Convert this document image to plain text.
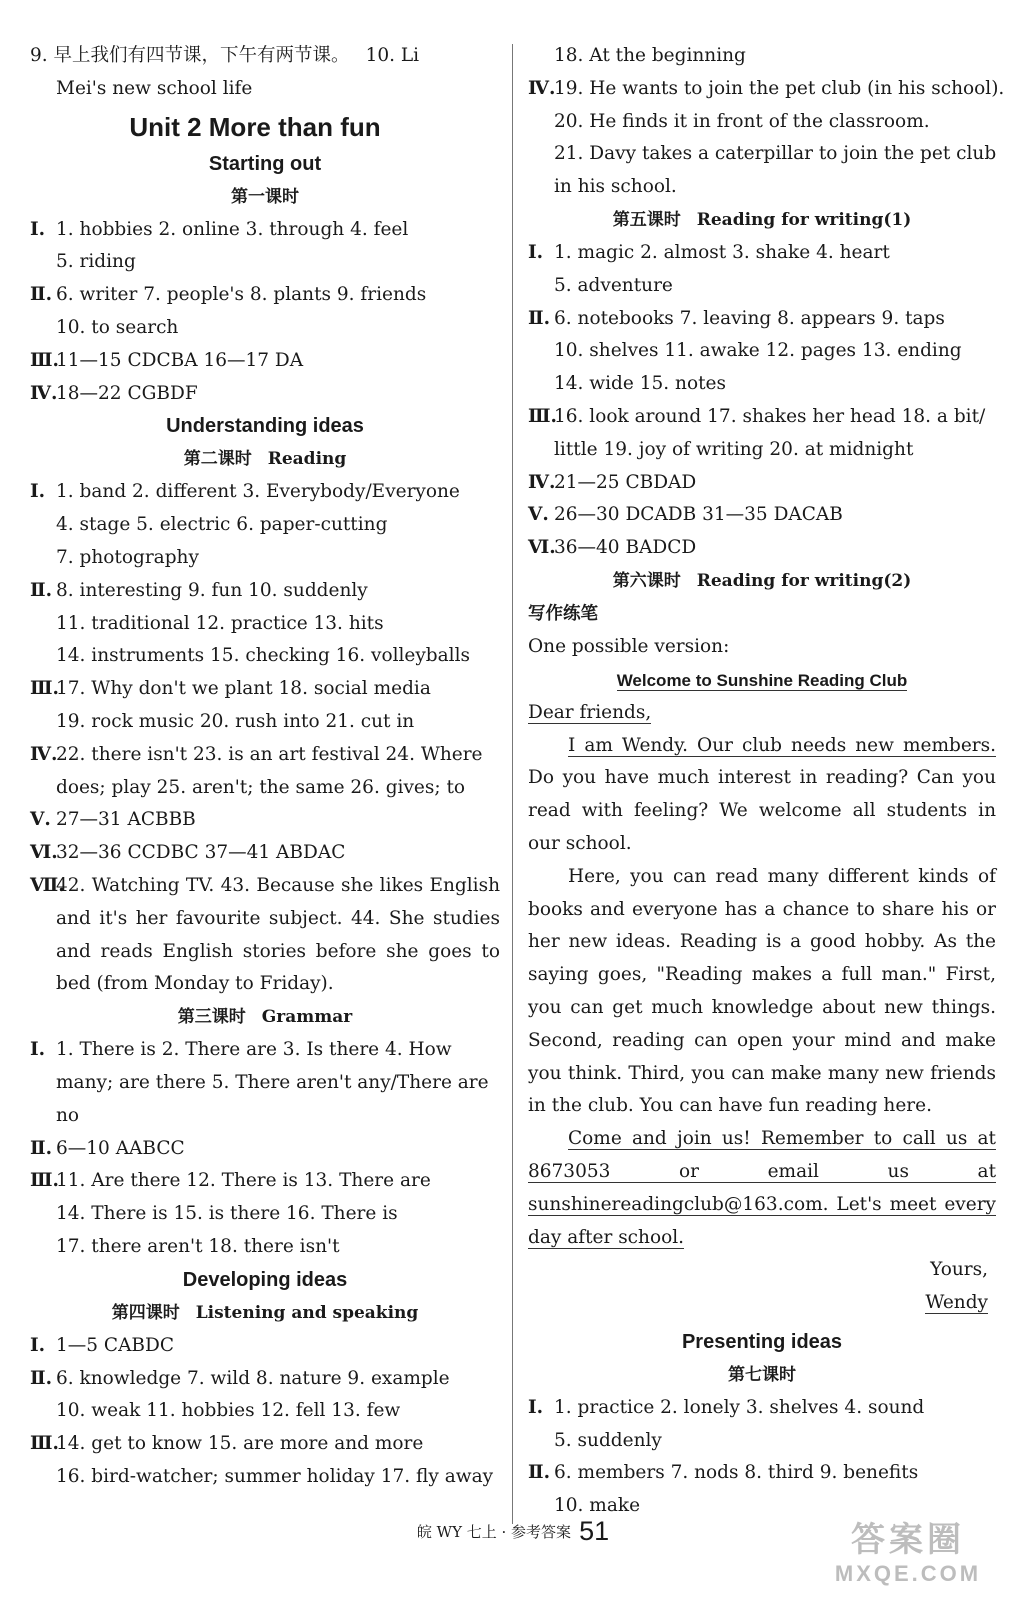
9. 早上我们有四节课，下午有两节课。 10. Li
Mei's new school life
Unit 2 More than fun
Starting out
第一课时
Ⅰ. 1. hobbies 2. online 3. through 4. feel
5. riding
Ⅱ. 6. writer 7. people's 8. plants 9. friends
10. to search
Ⅲ.11—15 CDCBA 16—17 DA
Ⅳ.18—22 CGBDF
Understanding ideas
第二课时 Reading
Ⅰ. 1. band 2. different 3. Everybody/Everyone
4. stage 5. electric 6. paper-cutting
7. photography
Ⅱ. 8. interesting 9. fun 10. suddenly
11. traditional 12. practice 13. hits
14. instruments 15. checking 16. volleyballs
Ⅲ.17. Why don't we plant 18. social media
19. rock music 20. rush into 21. cut in
Ⅳ.22. there isn't 23. is an art festival 24. Where
does; play 25. aren't; the same 26. gives; to
Ⅴ. 27—31 ACBBB
Ⅵ.32—36 CCDBC 37—41 ABDAC
Ⅶ.42. Watching TV. 43. Because she likes English and it's her favourite subject. 44. She studies and reads English stories before she goes to bed (from Monday to Friday).
第三课时 Grammar
Ⅰ. 1. There is 2. There are 3. Is there 4. How
many; are there 5. There aren't any/There are
no
Ⅱ. 6—10 AABCC
Ⅲ.11. Are there 12. There is 13. There are
14. There is 15. is there 16. There is
17. there aren't 18. there isn't
Developing ideas
第四课时 Listening and speaking
Ⅰ. 1—5 CABDC
Ⅱ. 6. knowledge 7. wild 8. nature 9. example
10. weak 11. hobbies 12. fell 13. few
Ⅲ.14. get to know 15. are more and more
16. bird-watcher; summer holiday 17. fly away
18. At the beginning
Ⅳ.19. He wants to join the pet club (in his school).
20. He finds it in front of the classroom.
21. Davy takes a caterpillar to join the pet club
in his school.
第五课时 Reading for writing(1)
Ⅰ. 1. magic 2. almost 3. shake 4. heart
5. adventure
Ⅱ. 6. notebooks 7. leaving 8. appears 9. taps
10. shelves 11. awake 12. pages 13. ending
14. wide 15. notes
Ⅲ.16. look around 17. shakes her head 18. a bit/
little 19. joy of writing 20. at midnight
Ⅳ.21—25 CBDAD
Ⅴ. 26—30 DCADB 31—35 DACAB
Ⅵ.36—40 BADCD
第六课时 Reading for writing(2)
写作练笔
One possible version:
Welcome to Sunshine Reading Club
Dear friends,

I am Wendy. Our club needs new members. Do you have much interest in reading? Can you read with feeling? We welcome all students in our school.

Here, you can read many different kinds of books and everyone has a chance to share his or her new ideas. Reading is a good hobby. As the saying goes, "Reading makes a full man." First, you can get much knowledge about new things. Second, reading can open your mind and make you think. Third, you can make many new friends in the club. You can have fun reading here.

Come and join us! Remember to call us at 8673053 or email us at sunshinereadingclub@163.com. Let's meet every day after school.

Yours,
Wendy
Presenting ideas
第七课时
Ⅰ. 1. practice 2. lonely 3. shelves 4. sound
5. suddenly
Ⅱ. 6. members 7. nods 8. third 9. benefits
10. make
皖 WY 七上 · 参考答案 51	答案圈
MXQE.COM
